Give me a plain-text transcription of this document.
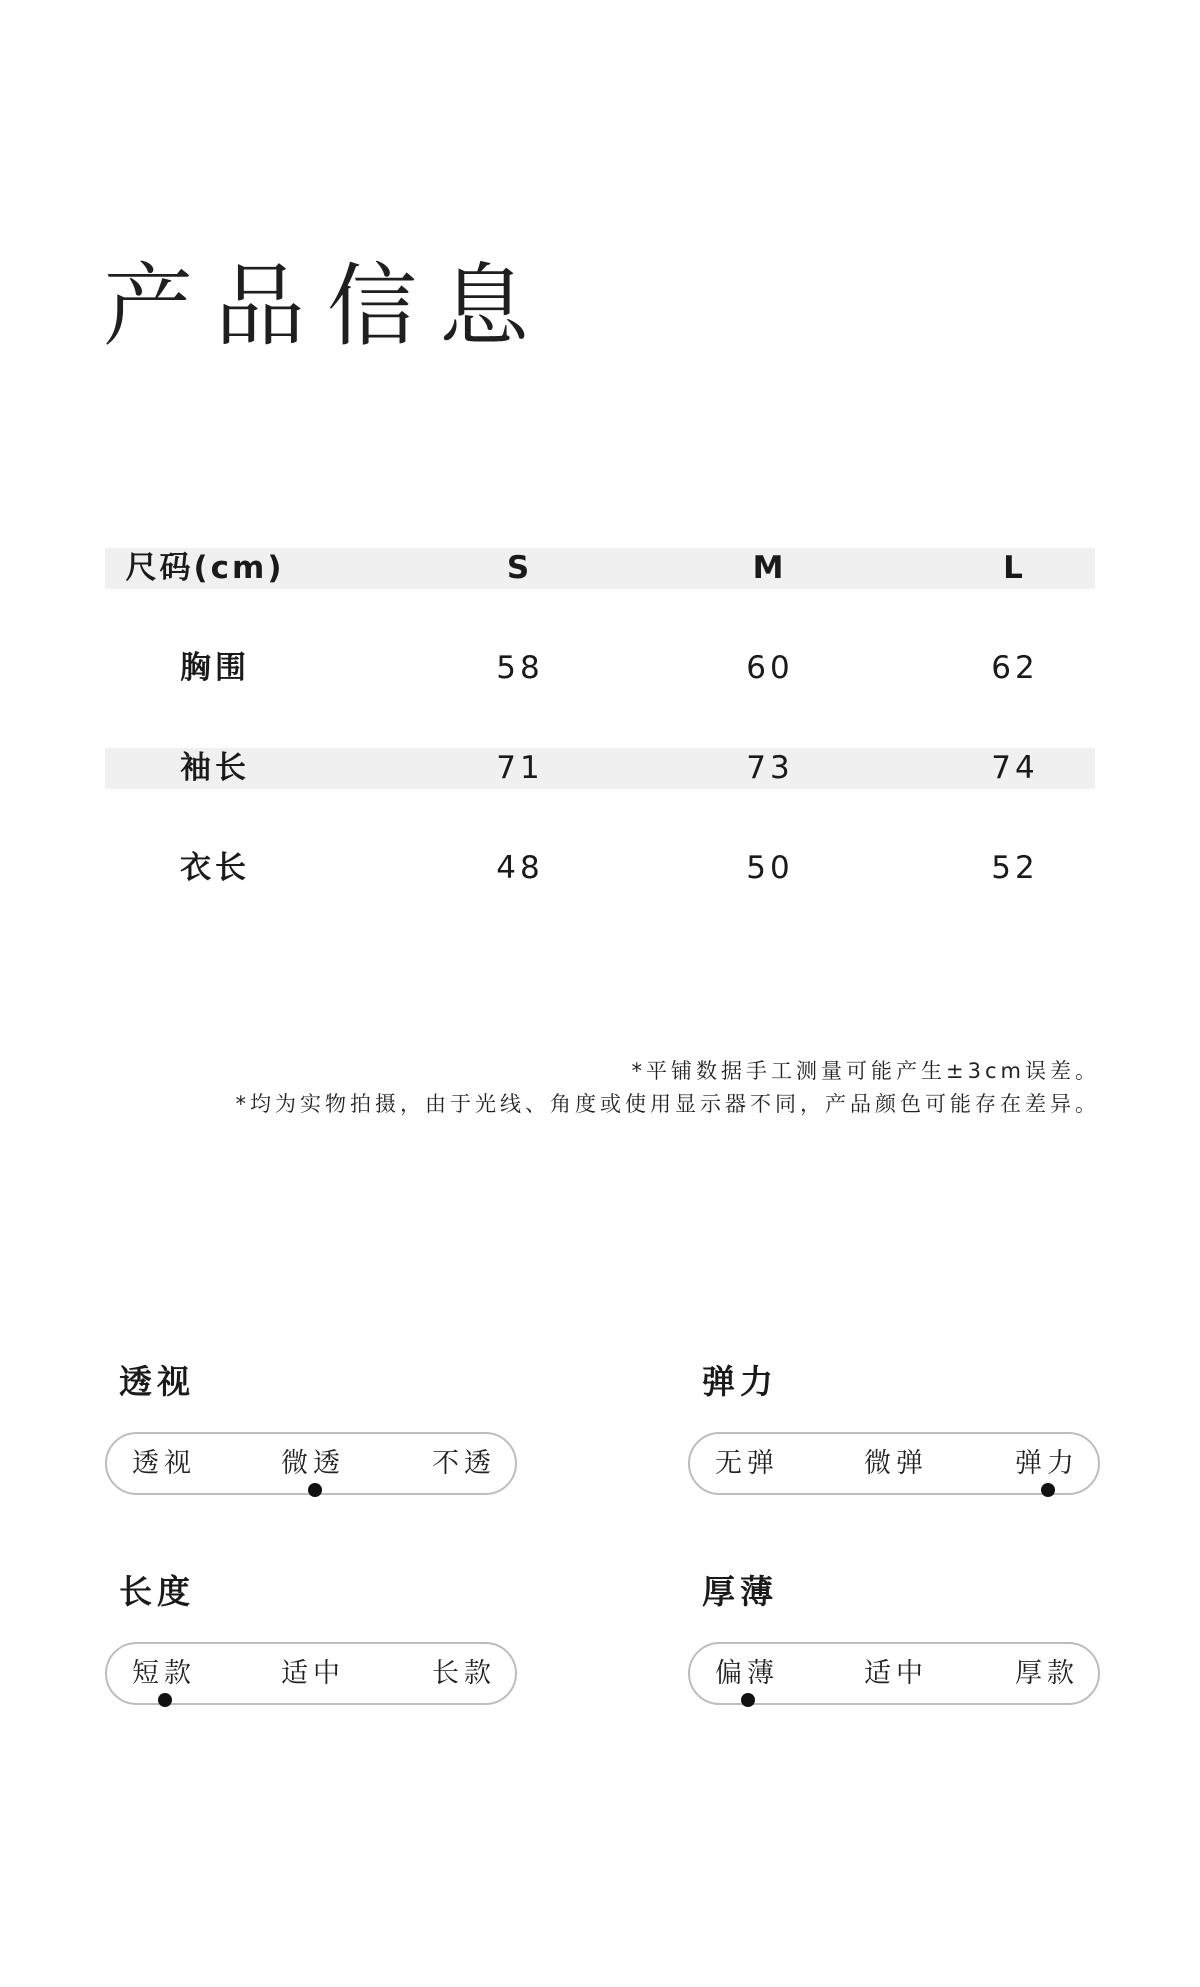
产品信息
尺码(cm)	S	M	L
胸围	58	60	62
袖长	71	73	74
衣长	48	50	52
*平铺数据手工测量可能产生±3cm误差。
*均为实物拍摄，由于光线、角度或使用显示器不同，产品颜色可能存在差异。
透视
透视	微透	不透
弹力
无弹	微弹	弹力
长度
短款	适中	长款
厚薄
偏薄	适中	厚款
